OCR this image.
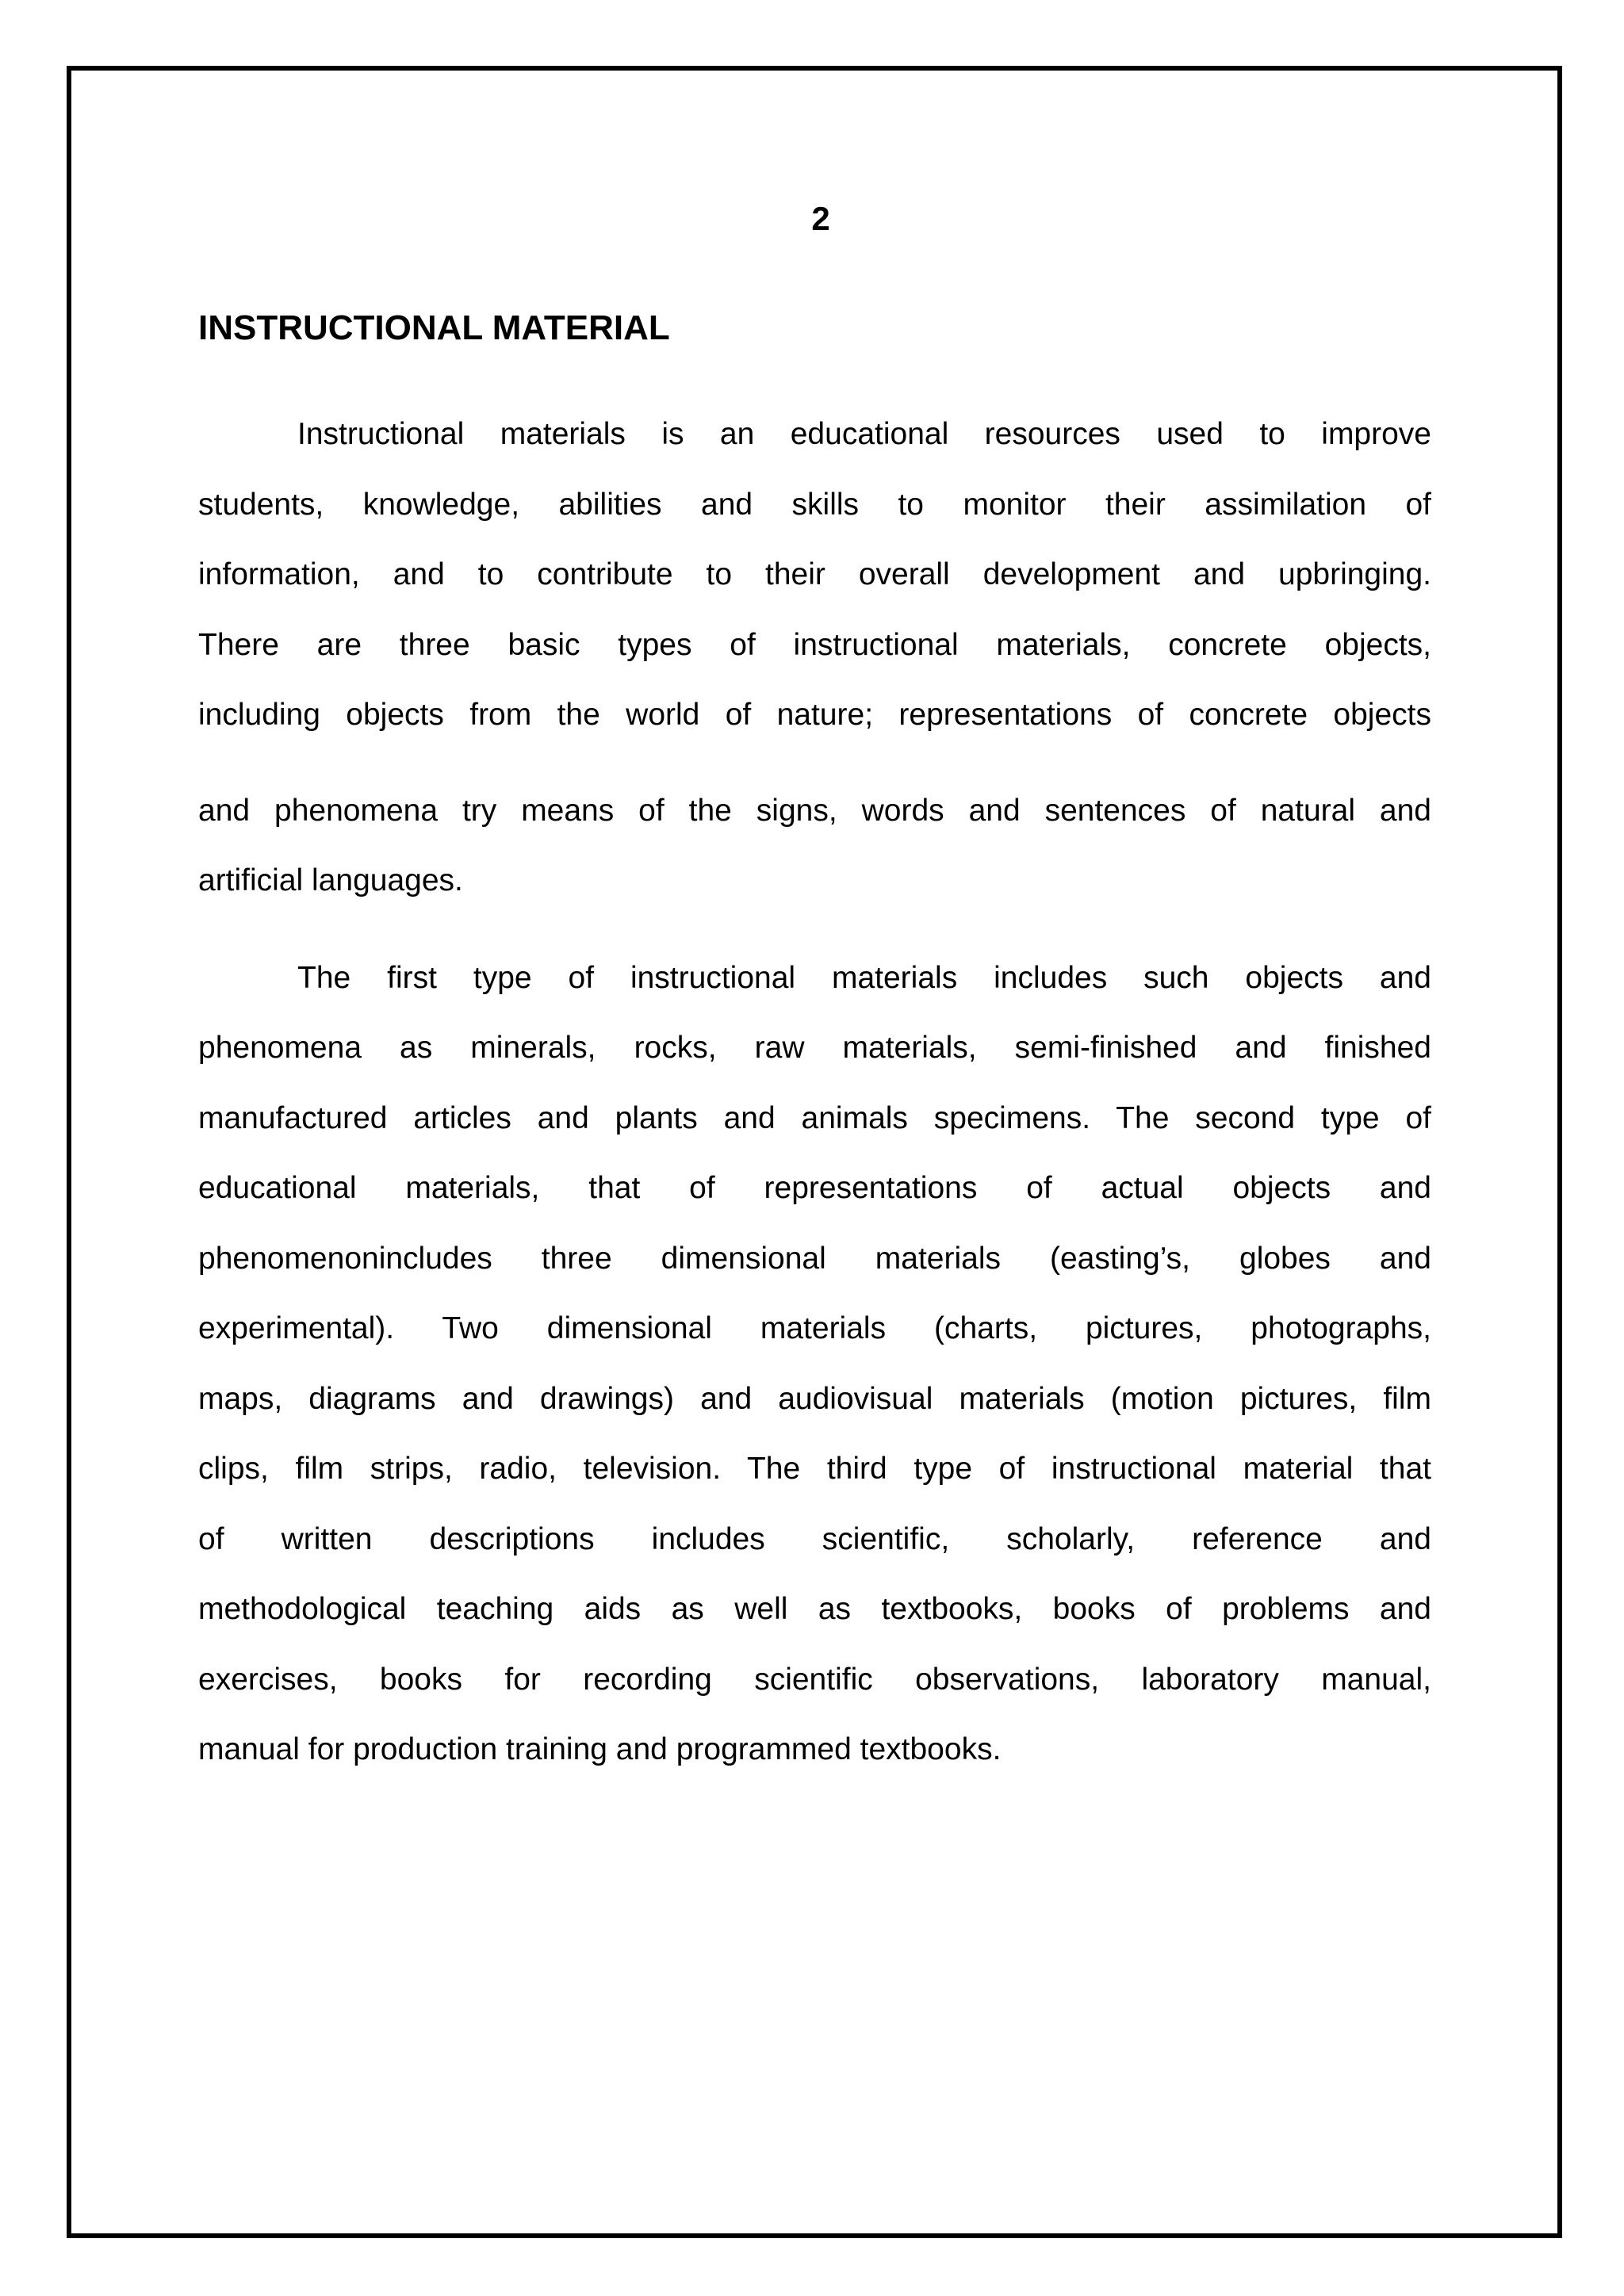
2
INSTRUCTIONAL MATERIAL
Instructional materials is an educational resources used to improve
students, knowledge, abilities and skills to monitor their assimilation of
information, and to contribute to their overall development and upbringing.
There are three basic types of instructional materials, concrete objects,
including objects from the world of nature; representations of concrete objects
and phenomena try means of the signs, words and sentences of natural and
artificial languages.
The first type of instructional materials includes such objects and
phenomena as minerals, rocks, raw materials, semi-finished and finished
manufactured articles and plants and animals specimens. The second type of
educational materials, that of representations of actual objects and
phenomenonincludes three dimensional materials (easting’s, globes and
experimental). Two dimensional materials (charts, pictures, photographs,
maps, diagrams and drawings) and audiovisual materials (motion pictures, film
clips, film strips, radio, television. The third type of instructional material that
of written descriptions includes scientific, scholarly, reference and
methodological teaching aids as well as textbooks, books of problems and
exercises, books for recording scientific observations, laboratory manual,
manual for production training and programmed textbooks.
